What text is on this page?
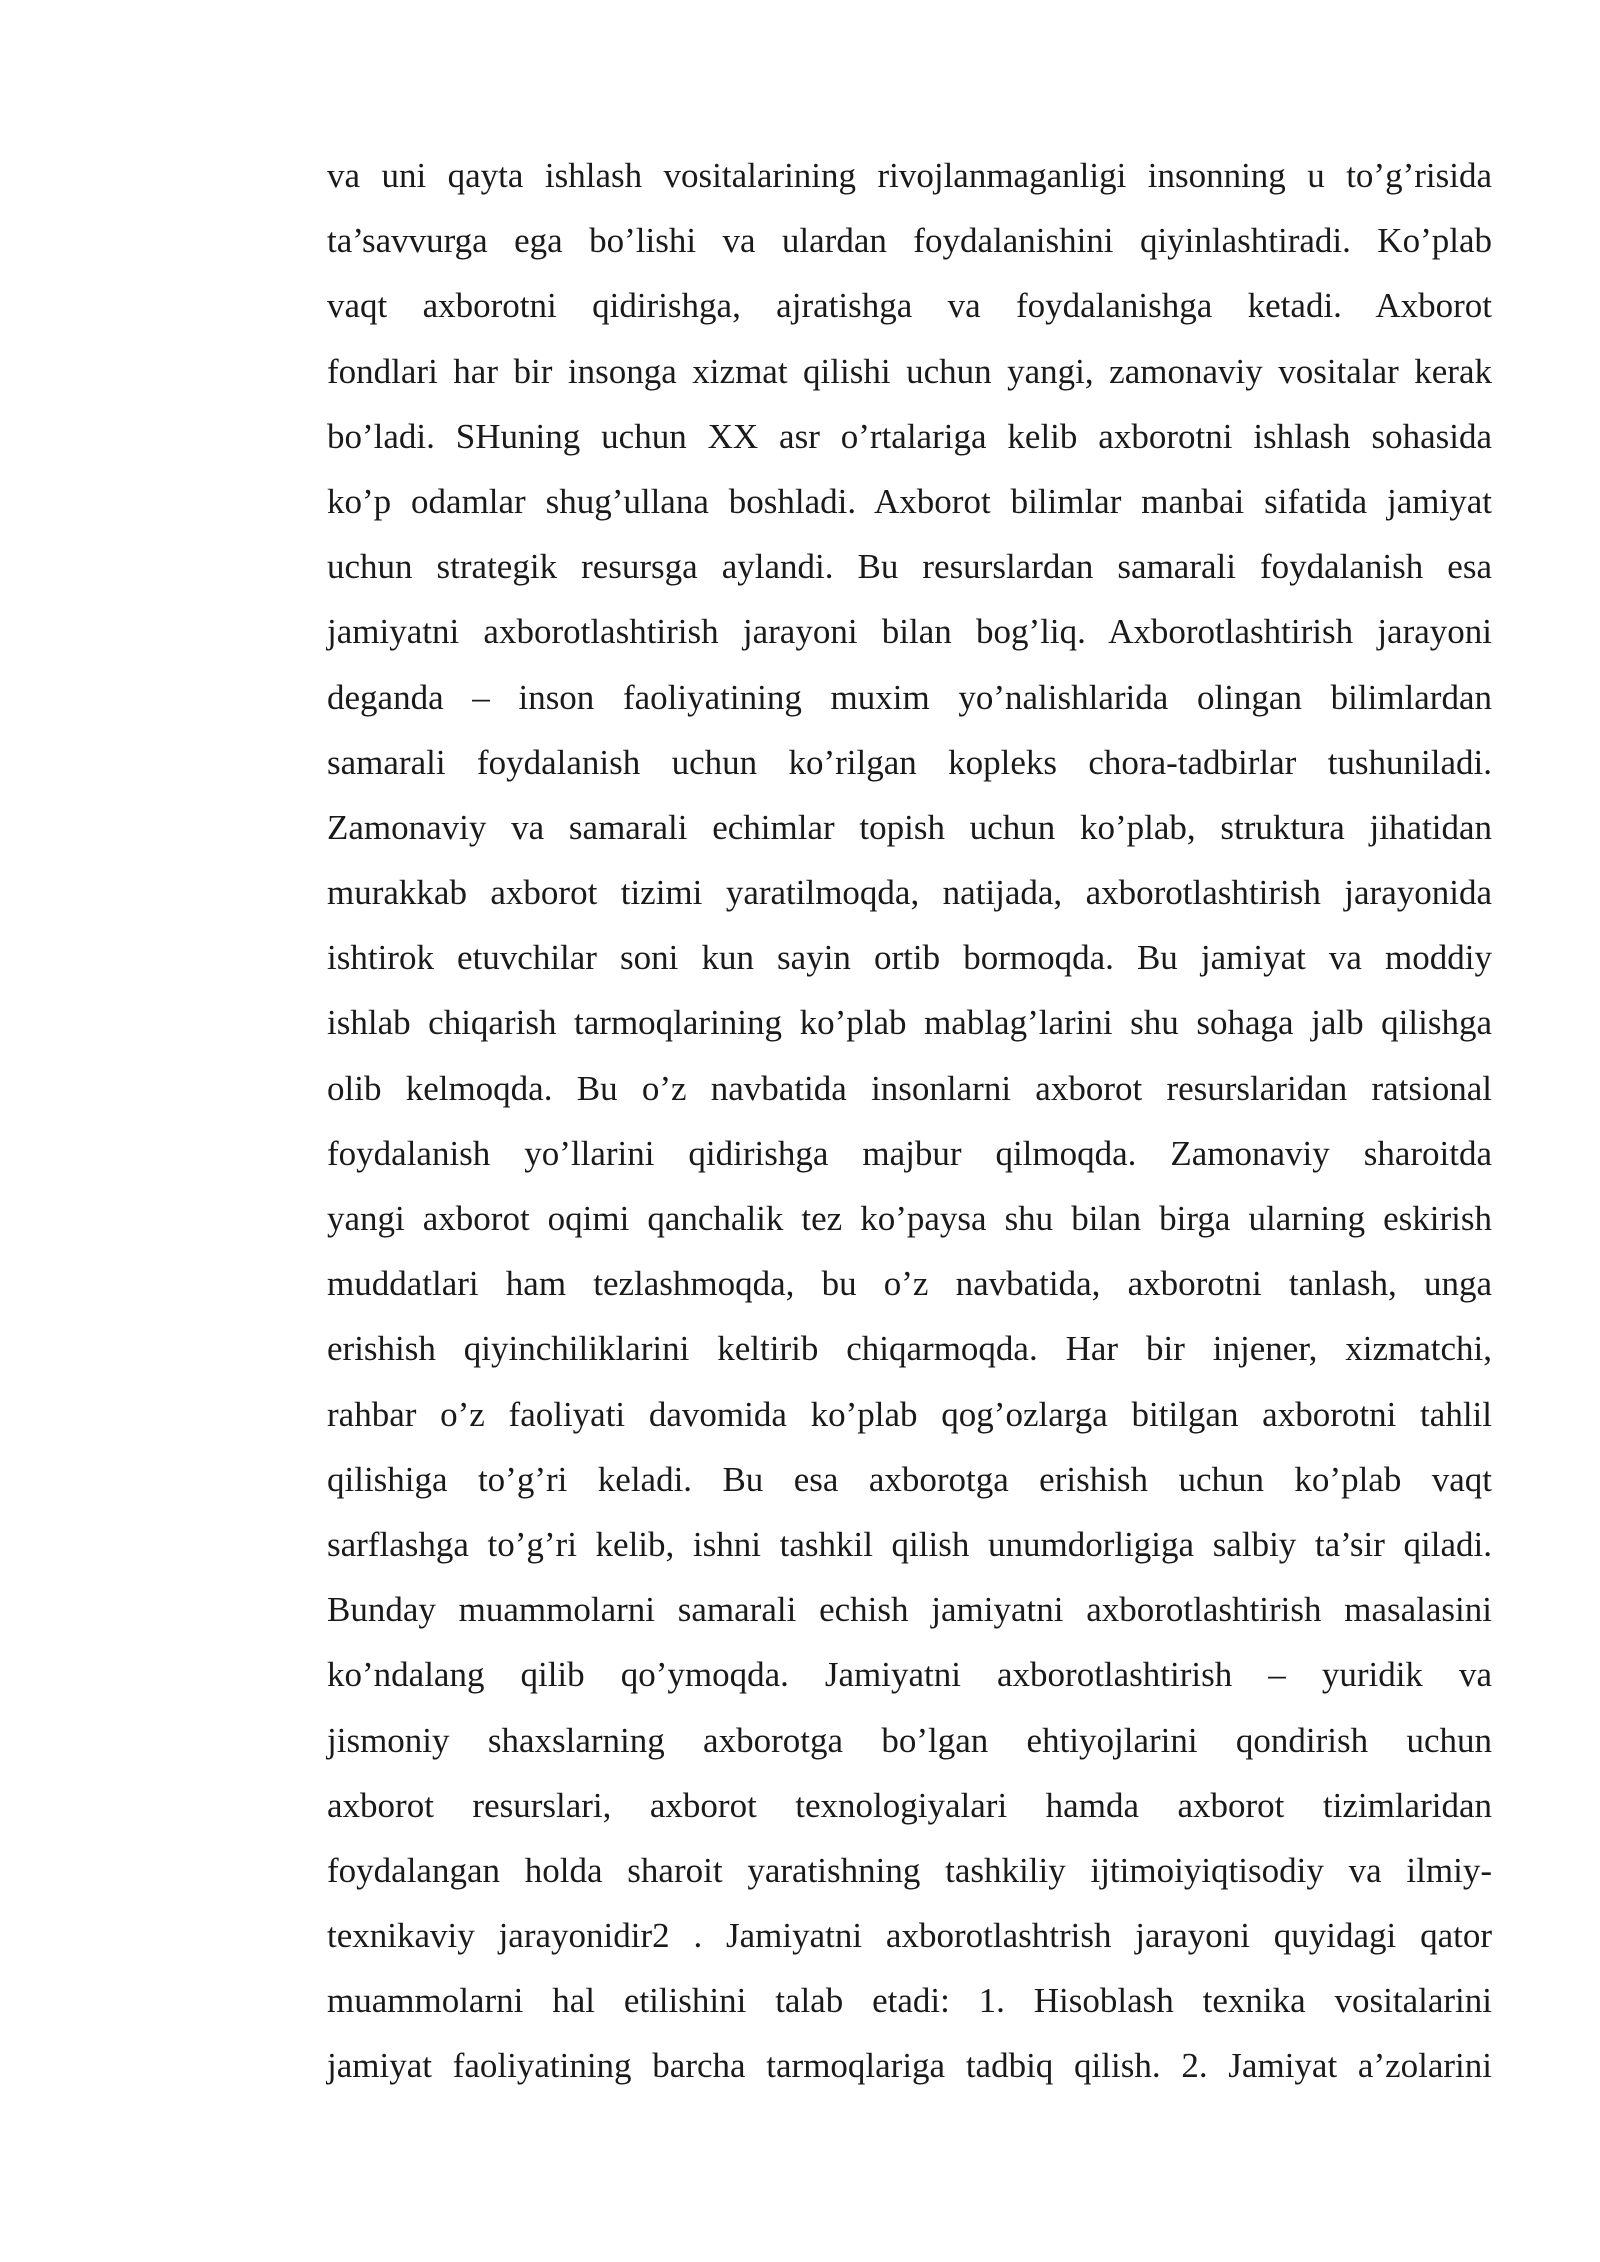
va uni qayta ishlash vositalarining rivojlanmaganligi insonning u to’g’risida
ta’savvurga ega bo’lishi va ulardan foydalanishini qiyinlashtiradi. Ko’plab
vaqt axborotni qidirishga, ajratishga va foydalanishga ketadi. Axborot
fondlari har bir insonga xizmat qilishi uchun yangi, zamonaviy vositalar kerak
bo’ladi. SHuning uchun XX asr o’rtalariga kelib axborotni ishlash sohasida
ko’p odamlar shug’ullana boshladi. Axborot bilimlar manbai sifatida jamiyat
uchun strategik resursga aylandi. Bu resurslardan samarali foydalanish esa
jamiyatni axborotlashtirish jarayoni bilan bog’liq. Axborotlashtirish jarayoni
deganda – inson faoliyatining muxim yo’nalishlarida olingan bilimlardan
samarali foydalanish uchun ko’rilgan kopleks chora-tadbirlar tushuniladi.
Zamonaviy va samarali echimlar topish uchun ko’plab, struktura jihatidan
murakkab axborot tizimi yaratilmoqda, natijada, axborotlashtirish jarayonida
ishtirok etuvchilar soni kun sayin ortib bormoqda. Bu jamiyat va moddiy
ishlab chiqarish tarmoqlarining ko’plab mablag’larini shu sohaga jalb qilishga
olib kelmoqda. Bu o’z navbatida insonlarni axborot resurslaridan ratsional
foydalanish yo’llarini qidirishga majbur qilmoqda. Zamonaviy sharoitda
yangi axborot oqimi qanchalik tez ko’paysa shu bilan birga ularning eskirish
muddatlari ham tezlashmoqda, bu o’z navbatida, axborotni tanlash, unga
erishish qiyinchiliklarini keltirib chiqarmoqda. Har bir injener, xizmatchi,
rahbar o’z faoliyati davomida ko’plab qog’ozlarga bitilgan axborotni tahlil
qilishiga to’g’ri keladi. Bu esa axborotga erishish uchun ko’plab vaqt
sarflashga to’g’ri kelib, ishni tashkil qilish unumdorligiga salbiy ta’sir qiladi.
Bunday muammolarni samarali echish jamiyatni axborotlashtirish masalasini
ko’ndalang qilib qo’ymoqda. Jamiyatni axborotlashtirish – yuridik va
jismoniy shaxslarning axborotga bo’lgan ehtiyojlarini qondirish uchun
axborot resurslari, axborot texnologiyalari hamda axborot tizimlaridan
foydalangan holda sharoit yaratishning tashkiliy ijtimoiyiqtisodiy va ilmiy-
texnikaviy jarayonidir2 . Jamiyatni axborotlashtrish jarayoni quyidagi qator
muammolarni hal etilishini talab etadi: 1. Hisoblash texnika vositalarini
jamiyat faoliyatining barcha tarmoqlariga tadbiq qilish. 2. Jamiyat a’zolarini
